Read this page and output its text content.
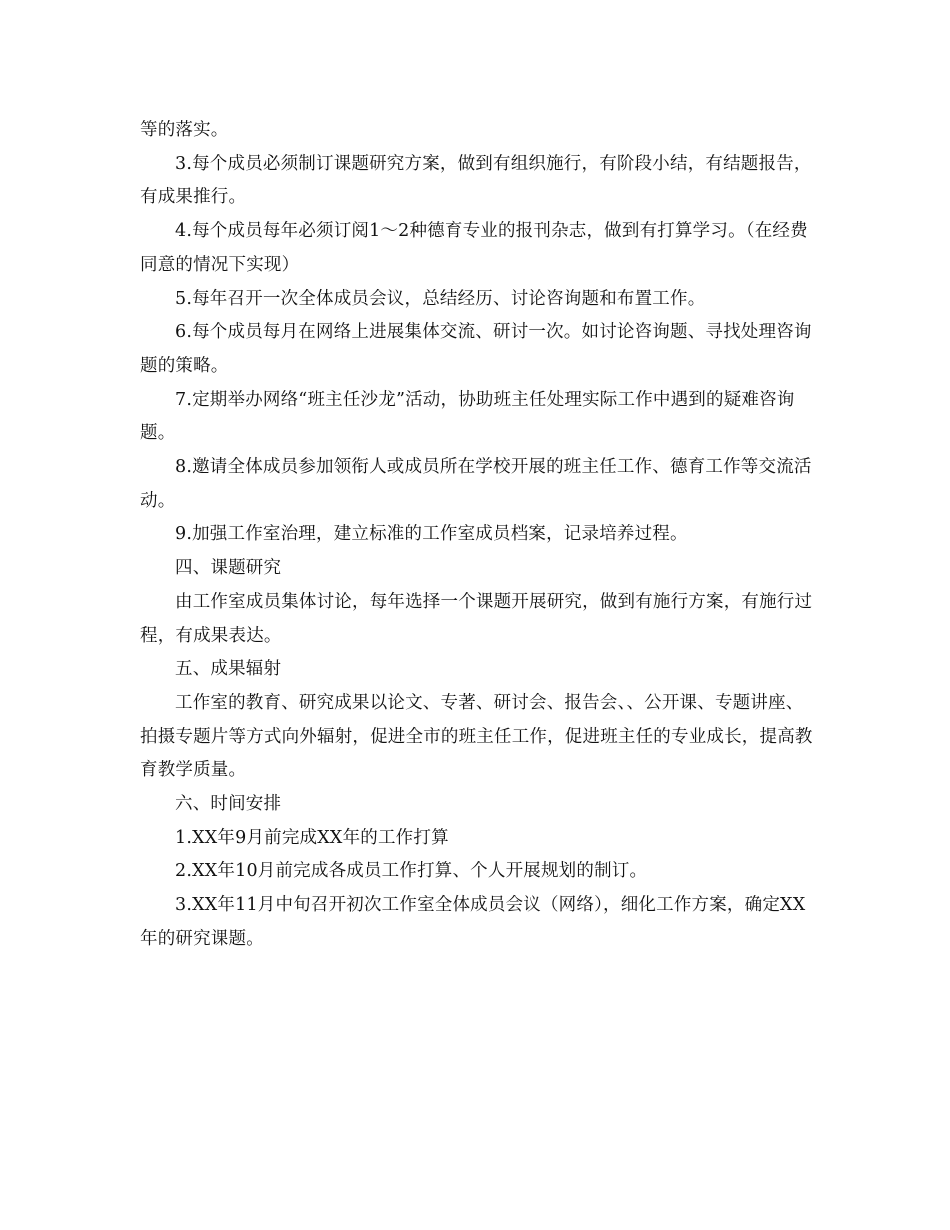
等的落实。

3.每个成员必须制订课题研究方案，做到有组织施行，有阶段小结，有结题报告，有成果推行。

4.每个成员每年必须订阅1～2种德育专业的报刊杂志，做到有打算学习。（在经费同意的情况下实现）

5.每年召开一次全体成员会议，总结经历、讨论咨询题和布置工作。

6.每个成员每月在网络上进展集体交流、研讨一次。如讨论咨询题、寻找处理咨询题的策略。

7.定期举办网络“班主任沙龙”活动，协助班主任处理实际工作中遇到的疑难咨询题。

8.邀请全体成员参加领衔人或成员所在学校开展的班主任工作、德育工作等交流活动。

9.加强工作室治理，建立标准的工作室成员档案，记录培养过程。

四、课题研究

由工作室成员集体讨论，每年选择一个课题开展研究，做到有施行方案，有施行过程，有成果表达。

五、成果辐射

工作室的教育、研究成果以论文、专著、研讨会、报告会、、公开课、专题讲座、拍摄专题片等方式向外辐射，促进全市的班主任工作，促进班主任的专业成长，提高教育教学质量。

六、时间安排

1.XX年9月前完成XX年的工作打算

2.XX年10月前完成各成员工作打算、个人开展规划的制订。

3.XX年11月中旬召开初次工作室全体成员会议（网络），细化工作方案，确定XX年的研究课题。
